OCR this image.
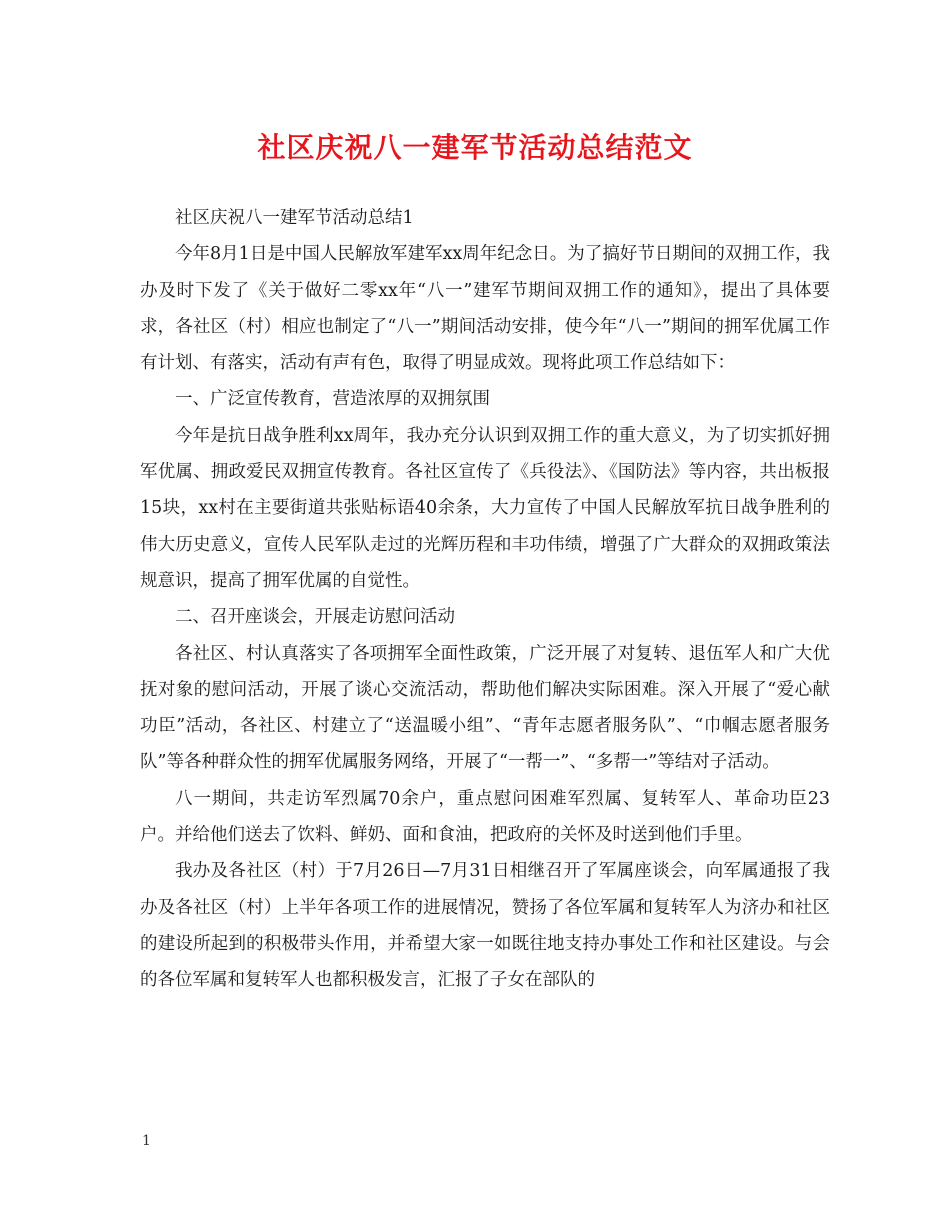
社区庆祝八一建军节活动总结范文

社区庆祝八一建军节活动总结1

今年8月1日是中国人民解放军建军xx周年纪念日。为了搞好节日期间的双拥工作，我办及时下发了《关于做好二零xx年“八一”建军节期间双拥工作的通知》，提出了具体要求，各社区（村）相应也制定了“八一”期间活动安排，使今年“八一”期间的拥军优属工作有计划、有落实，活动有声有色，取得了明显成效。现将此项工作总结如下：

一、广泛宣传教育，营造浓厚的双拥氛围

今年是抗日战争胜利xx周年，我办充分认识到双拥工作的重大意义，为了切实抓好拥军优属、拥政爱民双拥宣传教育。各社区宣传了《兵役法》、《国防法》等内容，共出板报15块，xx村在主要街道共张贴标语40余条，大力宣传了中国人民解放军抗日战争胜利的伟大历史意义，宣传人民军队走过的光辉历程和丰功伟绩，增强了广大群众的双拥政策法规意识，提高了拥军优属的自觉性。

二、召开座谈会，开展走访慰问活动

各社区、村认真落实了各项拥军全面性政策，广泛开展了对复转、退伍军人和广大优抚对象的慰问活动，开展了谈心交流活动，帮助他们解决实际困难。深入开展了“爱心献功臣”活动，各社区、村建立了“送温暖小组”、“青年志愿者服务队”、“巾帼志愿者服务队”等各种群众性的拥军优属服务网络，开展了“一帮一”、“多帮一”等结对子活动。

八一期间，共走访军烈属70余户，重点慰问困难军烈属、复转军人、革命功臣23户。并给他们送去了饮料、鲜奶、面和食油，把政府的关怀及时送到他们手里。

我办及各社区（村）于7月26日—7月31日相继召开了军属座谈会，向军属通报了我办及各社区（村）上半年各项工作的进展情况，赞扬了各位军属和复转军人为济办和社区的建设所起到的积极带头作用，并希望大家一如既往地支持办事处工作和社区建设。与会的各位军属和复转军人也都积极发言，汇报了子女在部队的

1
